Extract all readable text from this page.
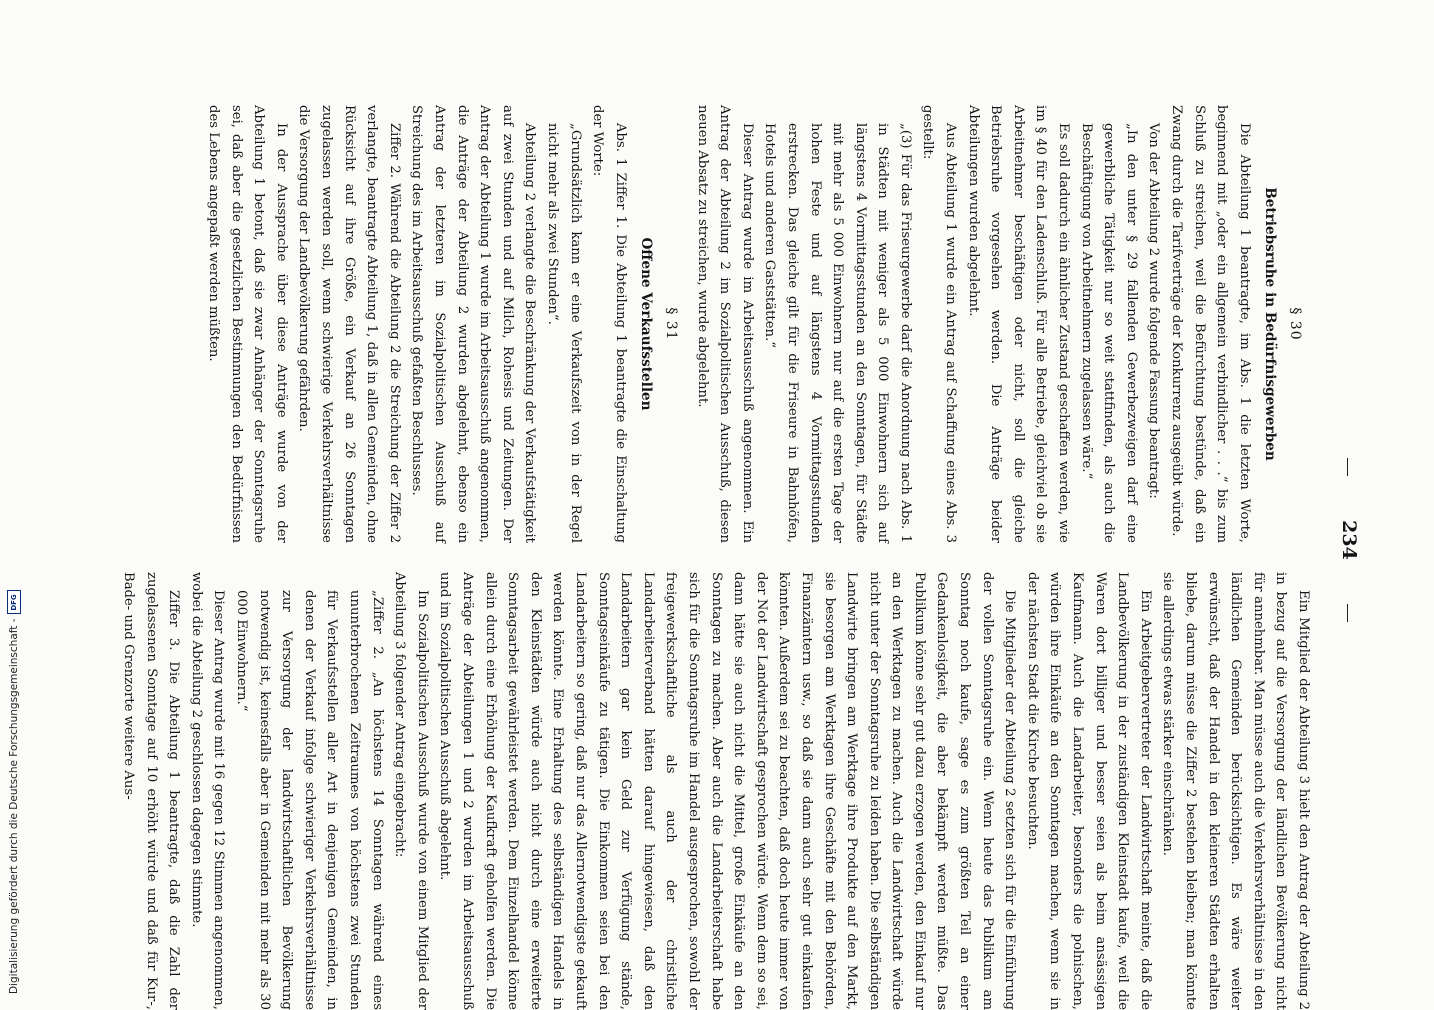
234
§ 30
Betriebsruhe in Bedürfnisgewerben

Die Abteilung 1 beantragte, im Abs. 1 die letzten Worte, beginnend mit „oder ein allgemein verbindlicher . . .“ bis zum Schluß zu streichen, weil die Befürchtung bestünde, daß ein Zwang durch die Tarifverträge der Konkurrenz ausgeübt würde.

Von der Abteilung 2 wurde folgende Fassung beantragt:

„In den unter § 29 fallenden Gewerbezweigen darf eine gewerbliche Tätigkeit nur so weit stattfinden, als auch die Beschäftigung von Arbeitnehmern zugelassen wäre.“

Es soll dadurch ein ähnlicher Zustand geschaffen werden, wie im § 40 für den Ladenschluß. Für alle Betriebe, gleichviel ob sie Arbeitnehmer beschäftigen oder nicht, soll die gleiche Betriebsruhe vorgesehen werden. Die Anträge beider Abteilungen wurden abgelehnt.

Aus Abteilung 1 wurde ein Antrag auf Schaffung eines Abs. 3 gestellt:

„(3) Für das Friseurgewerbe darf die Anordnung nach Abs. 1 in Städten mit weniger als 5 000 Einwohnern sich auf längstens 4 Vormittagsstunden an den Sonntagen, für Städte mit mehr als 5 000 Einwohnern nur auf die ersten Tage der hohen Feste und auf längstens 4 Vormittagsstunden erstrecken. Das gleiche gilt für die Friseure in Bahnhöfen, Hotels und anderen Gaststätten.“

Dieser Antrag wurde im Arbeitsausschuß angenommen. Ein Antrag der Abteilung 2 im Sozialpolitischen Ausschuß, diesen neuen Absatz zu streichen, wurde abgelehnt.

§ 31
Offene Verkaufsstellen

Abs. 1 Ziffer 1. Die Abteilung 1 beantragte die Einschaltung der Worte:

„Grundsätzlich kann er eine Verkaufszeit von in der Regel nicht mehr als zwei Stunden“.

Abteilung 2 verlangte die Beschränkung der Verkaufstätigkeit auf zwei Stunden und auf Milch, Rohesis und Zeitungen. Der Antrag der Abteilung 1 wurde im Arbeitsausschuß angenommen, die Anträge der Abteilung 2 wurden abgelehnt, ebenso ein Antrag der letzteren im Sozialpolitischen Ausschuß auf Streichung des im Arbeitsausschuß gefaßten Beschlusses.

Ziffer 2. Während die Abteilung 2 die Streichung der Ziffer 2 verlangte, beantragte Abteilung 1, daß in allen Gemeinden, ohne Rücksicht auf ihre Größe, ein Verkauf an 26 Sonntagen zugelassen werden soll, wenn schwierige Verkehrsverhältnisse die Versorgung der Landbevölkerung gefährden.

In der Aussprache über diese Anträge wurde von der Abteilung 1 betont, daß sie zwar Anhänger der Sonntagsruhe sei, daß aber die gesetzlichen Bestimmungen den Bedürfnissen des Lebens angepaßt werden müßten.

Ein Mitglied der Abteilung 3 hielt den Antrag der Abteilung 2 in bezug auf die Versorgung der ländlichen Bevölkerung nicht für annehmbar. Man müsse auch die Verkehrsverhältnisse in den ländlichen Gemeinden berücksichtigen. Es wäre weiter erwünscht, daß der Handel in den kleineren Städten erhalten bliebe, darum müsse die Ziffer 2 bestehen bleiben; man könnte sie allerdings etwas stärker einschränken.

Ein Arbeitgebervertreter der Landwirtschaft meinte, daß die Landbevölkerung in der zuständigen Kleinstadt kaufe, weil die Waren dort billiger und besser seien als beim ansässigen Kaufmann. Auch die Landarbeiter, besonders die polnischen, würden ihre Einkäufe an den Sonntagen machen, wenn sie in der nächsten Stadt die Kirche besuchten.

Die Mitglieder der Abteilung 2 setzten sich für die Einführung der vollen Sonntagsruhe ein. Wenn heute das Publikum am Sonntag noch kaufe, sage es zum größten Teil an einer Gedankenlosigkeit, die aber bekämpft werden müßte. Das Publikum könne sehr gut dazu erzogen werden, den Einkauf nur an den Werktagen zu machen. Auch die Landwirtschaft würde nicht unter der Sonntagsruhe zu leiden haben. Die selbständigen Landwirte bringen am Werktage ihre Produkte auf den Markt, sie besorgen am Werktagen ihre Geschäfte mit den Behörden, Finanzämtern usw., so daß sie dann auch sehr gut einkaufen könnten. Außerdem sei zu beachten, daß doch heute immer von der Not der Landwirtschaft gesprochen würde. Wenn dem so sei, dann hätte sie auch nicht die Mittel, große Einkäufe an den Sonntagen zu machen. Aber auch die Landarbeiterschaft habe sich für die Sonntagsruhe im Handel ausgesprochen, sowohl der freigewerkschaftliche als auch der christliche Landarbeiterverband hätten darauf hingewiesen, daß den Landarbeitern gar kein Geld zur Verfügung stände, Sonntagseinkäufe zu tätigen. Die Einkommen seien bei den Landarbeitern so gering, daß nur das Allernotwendigste gekauft werden könnte. Eine Erhaltung des selbständigen Handels in den Kleinstädten würde auch nicht durch eine erweiterte Sonntagsarbeit gewährleistet werden. Dem Einzelhandel könne allein durch eine Erhöhung der Kaufkraft geholfen werden. Die Anträge der Abteilungen 1 und 2 wurden im Arbeitsausschuß und im Sozialpolitischen Ausschuß abgelehnt.

Im Sozialpolitischen Ausschuß wurde von einem Mitglied der Abteilung 3 folgender Antrag eingebracht:

„Ziffer 2. „An höchstens 14 Sonntagen während eines ununterbrochenen Zeitraumes von höchstens zwei Stunden für Verkaufsstellen aller Art in denjenigen Gemeinden, in denen der Verkauf infolge schwieriger Verkehrsverhältnisse zur Versorgung der landwirtschaftlichen Bevölkerung notwendig ist, keinesfalls aber in Gemeinden mit mehr als 30 000 Einwohnern.“

Dieser Antrag wurde mit 16 gegen 12 Stimmen angenommen, wobei die Abteilung 2 geschlossen dagegen stimmte.

Ziffer 3. Die Abteilung 1 beantragte, daß die Zahl der zugelassenen Sonntage auf 10 erhöht würde und daß für Kur-, Bade- und Grenzorte weitere Aus-

Digitalisierung gefördert durch die Deutsche Forschungsgemeinschaft -
DFG
